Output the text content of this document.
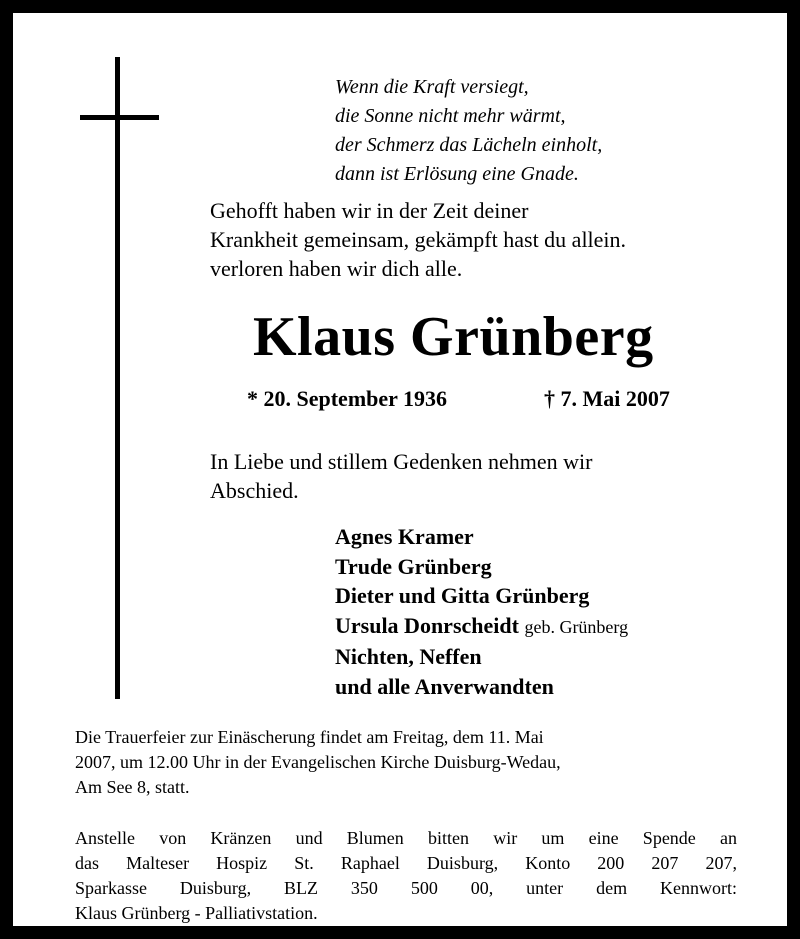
Wenn die Kraft versiegt,
die Sonne nicht mehr wärmt,
der Schmerz das Lächeln einholt,
dann ist Erlösung eine Gnade.
Gehofft haben wir in der Zeit deiner
Krankheit gemeinsam, gekämpft hast du allein.
verloren haben wir dich alle.
Klaus Grünberg
* 20. September 1936	† 7. Mai 2007
In Liebe und stillem Gedenken nehmen wir
Abschied.
Agnes Kramer
Trude Grünberg
Dieter und Gitta Grünberg
Ursula Donrscheidt geb. Grünberg
Nichten, Neffen
und alle Anverwandten
Die Trauerfeier zur Einäscherung findet am Freitag, dem 11. Mai
2007, um 12.00 Uhr in der Evangelischen Kirche Duisburg-Wedau,
Am See 8, statt.
Anstelle von Kränzen und Blumen bitten wir um eine Spende an
das Malteser Hospiz St. Raphael Duisburg, Konto 200 207 207,
Sparkasse Duisburg, BLZ 350 500 00, unter dem Kennwort:
Klaus Grünberg - Palliativstation.
